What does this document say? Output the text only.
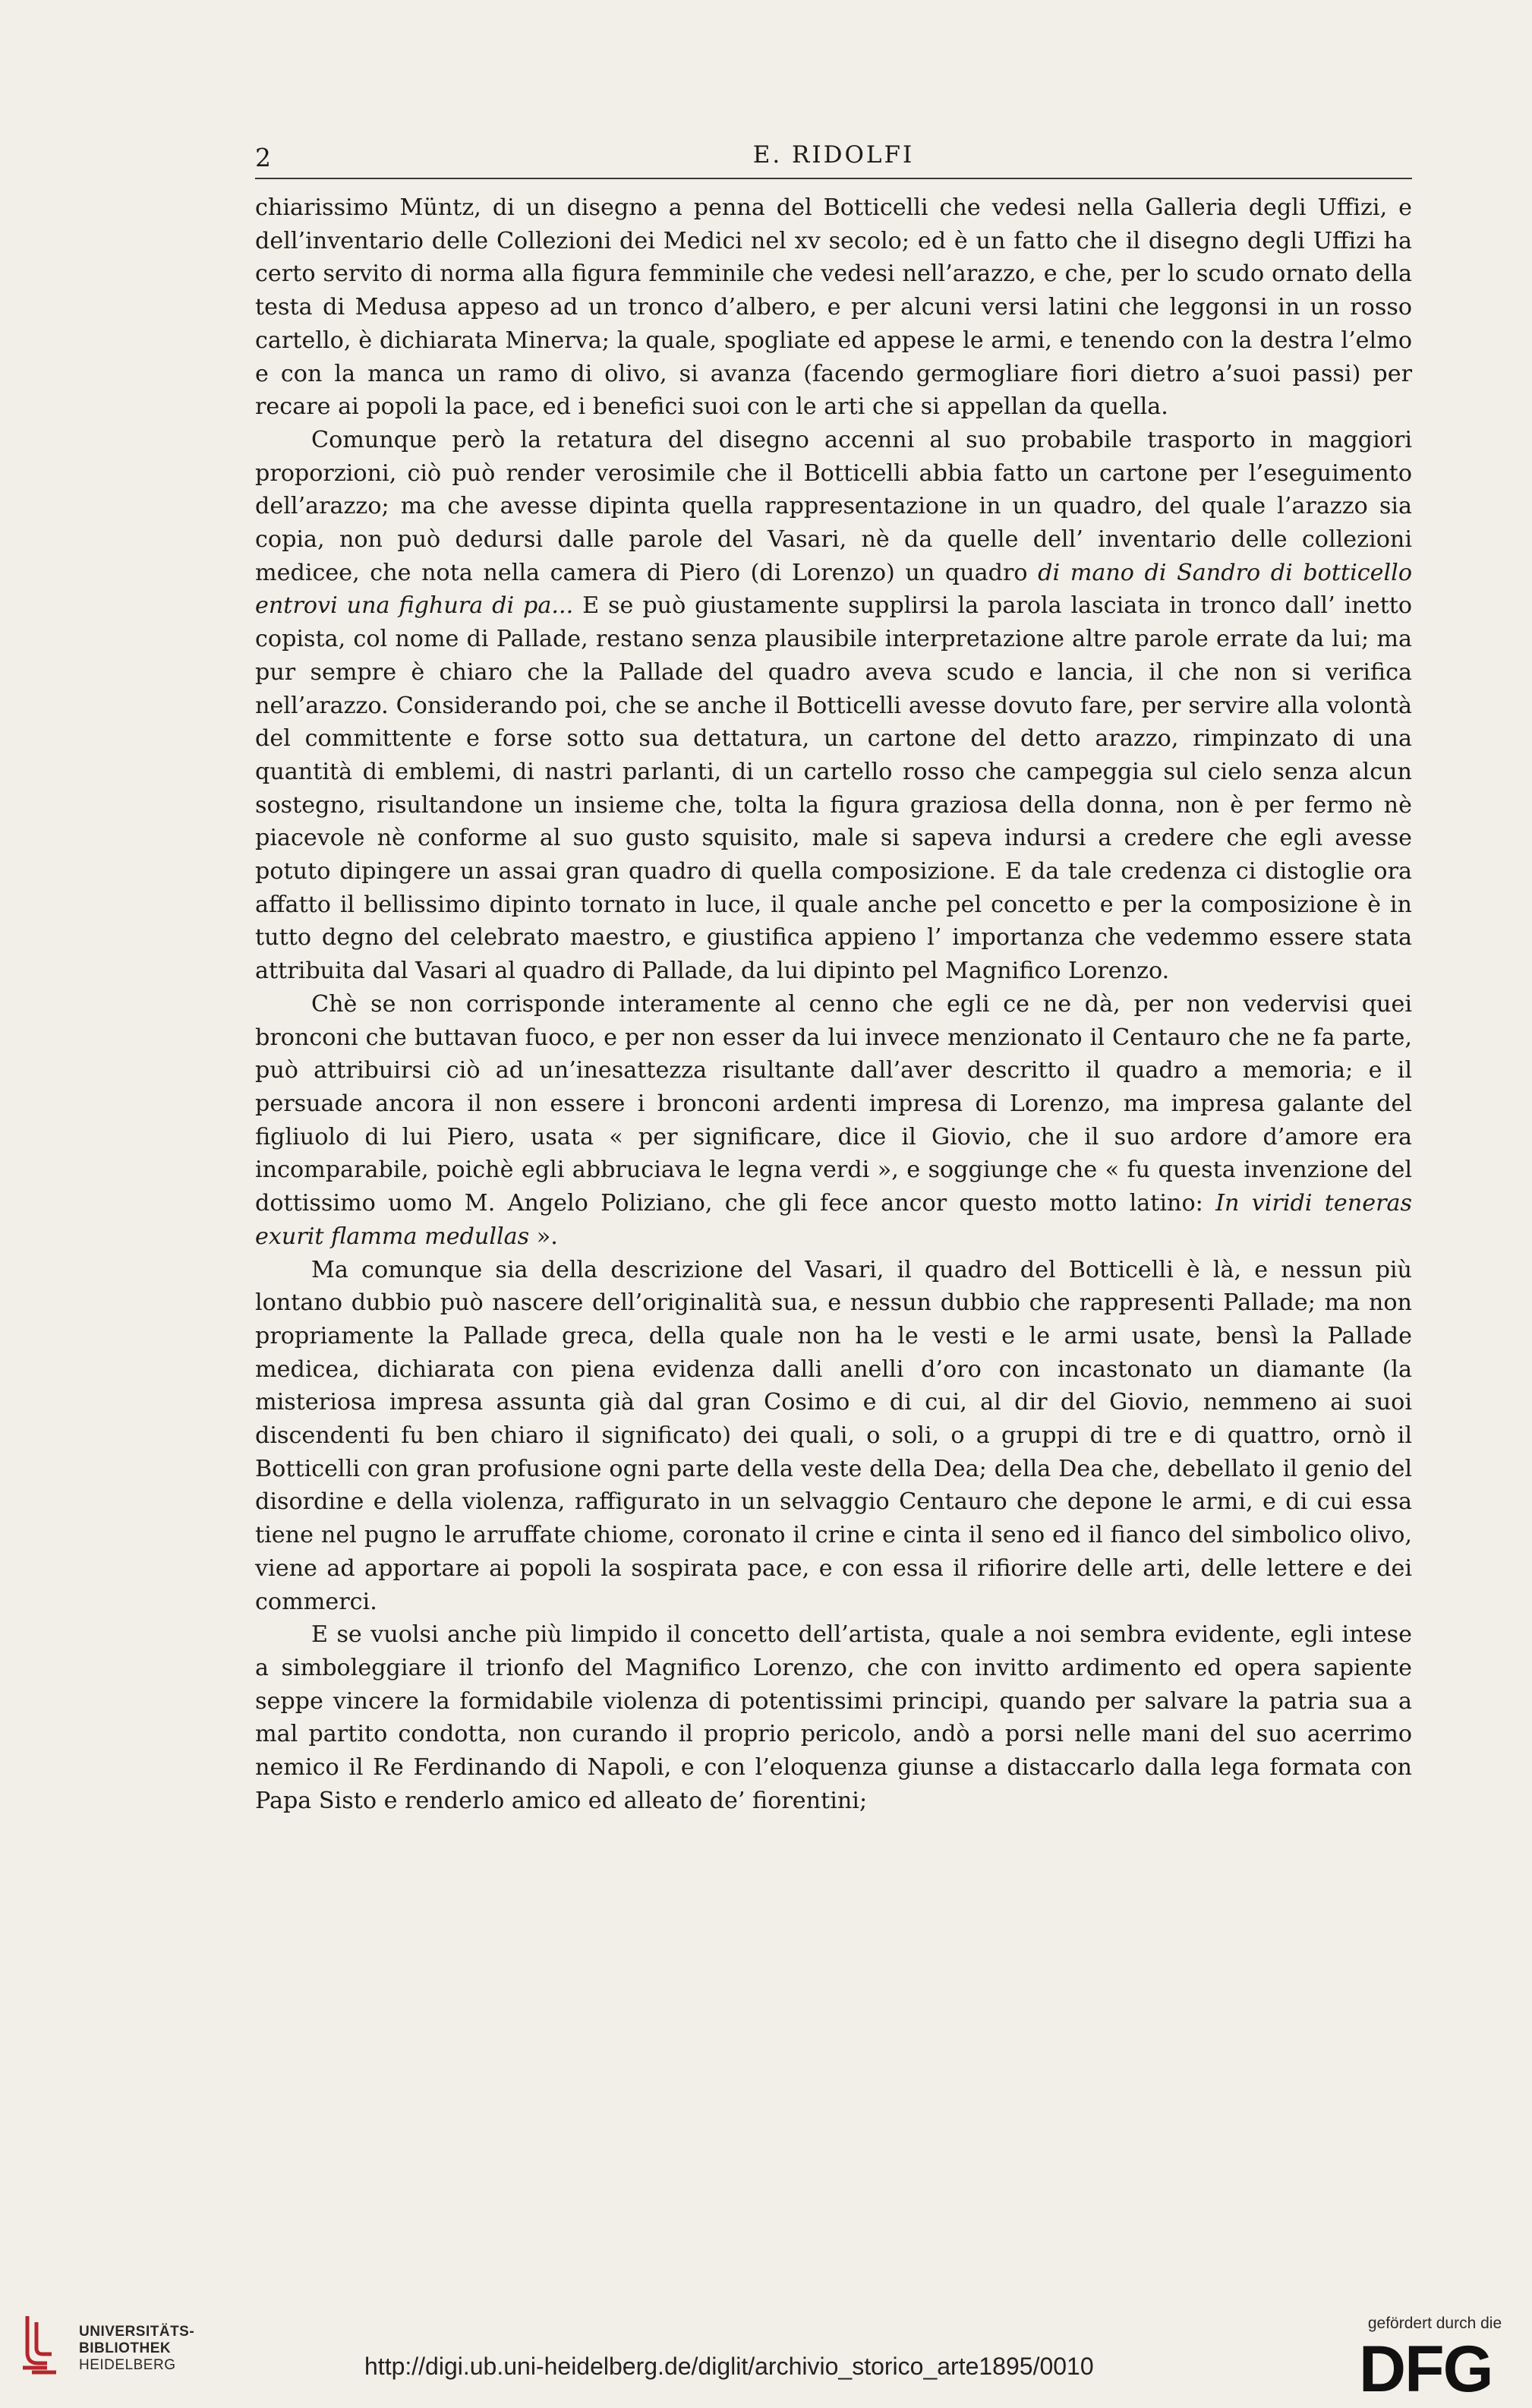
2	E. RIDOLFI

chiarissimo Müntz, di un disegno a penna del Botticelli che vedesi nella Galleria degli Uffizi, e dell’inventario delle Collezioni dei Medici nel xv secolo; ed è un fatto che il disegno degli Uffizi ha certo servito di norma alla figura femminile che vedesi nell’arazzo, e che, per lo scudo ornato della testa di Medusa appeso ad un tronco d’albero, e per alcuni versi latini che leggonsi in un rosso cartello, è dichiarata Minerva; la quale, spogliate ed appese le armi, e tenendo con la destra l’elmo e con la manca un ramo di olivo, si avanza (facendo germogliare fiori dietro a’suoi passi) per recare ai popoli la pace, ed i benefici suoi con le arti che si appellan da quella.

Comunque però la retatura del disegno accenni al suo probabile trasporto in maggiori proporzioni, ciò può render verosimile che il Botticelli abbia fatto un cartone per l’eseguimento dell’arazzo; ma che avesse dipinta quella rappresentazione in un quadro, del quale l’arazzo sia copia, non può dedursi dalle parole del Vasari, nè da quelle dell’ inventario delle collezioni medicee, che nota nella camera di Piero (di Lorenzo) un quadro di mano di Sandro di botticello entrovi una fighura di pa... E se può giustamente supplirsi la parola lasciata in tronco dall’ inetto copista, col nome di Pallade, restano senza plausibile interpretazione altre parole errate da lui; ma pur sempre è chiaro che la Pallade del quadro aveva scudo e lancia, il che non si verifica nell’arazzo. Considerando poi, che se anche il Botticelli avesse dovuto fare, per servire alla volontà del committente e forse sotto sua dettatura, un cartone del detto arazzo, rimpinzato di una quantità di emblemi, di nastri parlanti, di un cartello rosso che campeggia sul cielo senza alcun sostegno, risultandone un insieme che, tolta la figura graziosa della donna, non è per fermo nè piacevole nè conforme al suo gusto squisito, male si sapeva indursi a credere che egli avesse potuto dipingere un assai gran quadro di quella composizione. E da tale credenza ci distoglie ora affatto il bellissimo dipinto tornato in luce, il quale anche pel concetto e per la composizione è in tutto degno del celebrato maestro, e giustifica appieno l’ importanza che vedemmo essere stata attribuita dal Vasari al quadro di Pallade, da lui dipinto pel Magnifico Lorenzo.

Chè se non corrisponde interamente al cenno che egli ce ne dà, per non vedervisi quei bronconi che buttavan fuoco, e per non esser da lui invece menzionato il Centauro che ne fa parte, può attribuirsi ciò ad un’inesattezza risultante dall’aver descritto il quadro a memoria; e il persuade ancora il non essere i bronconi ardenti impresa di Lorenzo, ma impresa galante del figliuolo di lui Piero, usata « per significare, dice il Giovio, che il suo ardore d’amore era incomparabile, poichè egli abbruciava le legna verdi », e soggiunge che « fu questa invenzione del dottissimo uomo M. Angelo Poliziano, che gli fece ancor questo motto latino: In viridi teneras exurit flamma medullas ».

Ma comunque sia della descrizione del Vasari, il quadro del Botticelli è là, e nessun più lontano dubbio può nascere dell’originalità sua, e nessun dubbio che rappresenti Pallade; ma non propriamente la Pallade greca, della quale non ha le vesti e le armi usate, bensì la Pallade medicea, dichiarata con piena evidenza dalli anelli d’oro con incastonato un diamante (la misteriosa impresa assunta già dal gran Cosimo e di cui, al dir del Giovio, nemmeno ai suoi discendenti fu ben chiaro il significato) dei quali, o soli, o a gruppi di tre e di quattro, ornò il Botticelli con gran profusione ogni parte della veste della Dea; della Dea che, debellato il genio del disordine e della violenza, raffigurato in un selvaggio Centauro che depone le armi, e di cui essa tiene nel pugno le arruffate chiome, coronato il crine e cinta il seno ed il fianco del simbolico olivo, viene ad apportare ai popoli la sospirata pace, e con essa il rifiorire delle arti, delle lettere e dei commerci.

E se vuolsi anche più limpido il concetto dell’artista, quale a noi sembra evidente, egli intese a simboleggiare il trionfo del Magnifico Lorenzo, che con invitto ardimento ed opera sapiente seppe vincere la formidabile violenza di potentissimi principi, quando per salvare la patria sua a mal partito condotta, non curando il proprio pericolo, andò a porsi nelle mani del suo acerrimo nemico il Re Ferdinando di Napoli, e con l’eloquenza giunse a distaccarlo dalla lega formata con Papa Sisto e renderlo amico ed alleato de’ fiorentini;

UNIVERSITÄTS-
BIBLIOTHEK
HEIDELBERG	http://digi.ub.uni-heidelberg.de/diglit/archivio_storico_arte1895/0010
gefördert durch die
DFG
